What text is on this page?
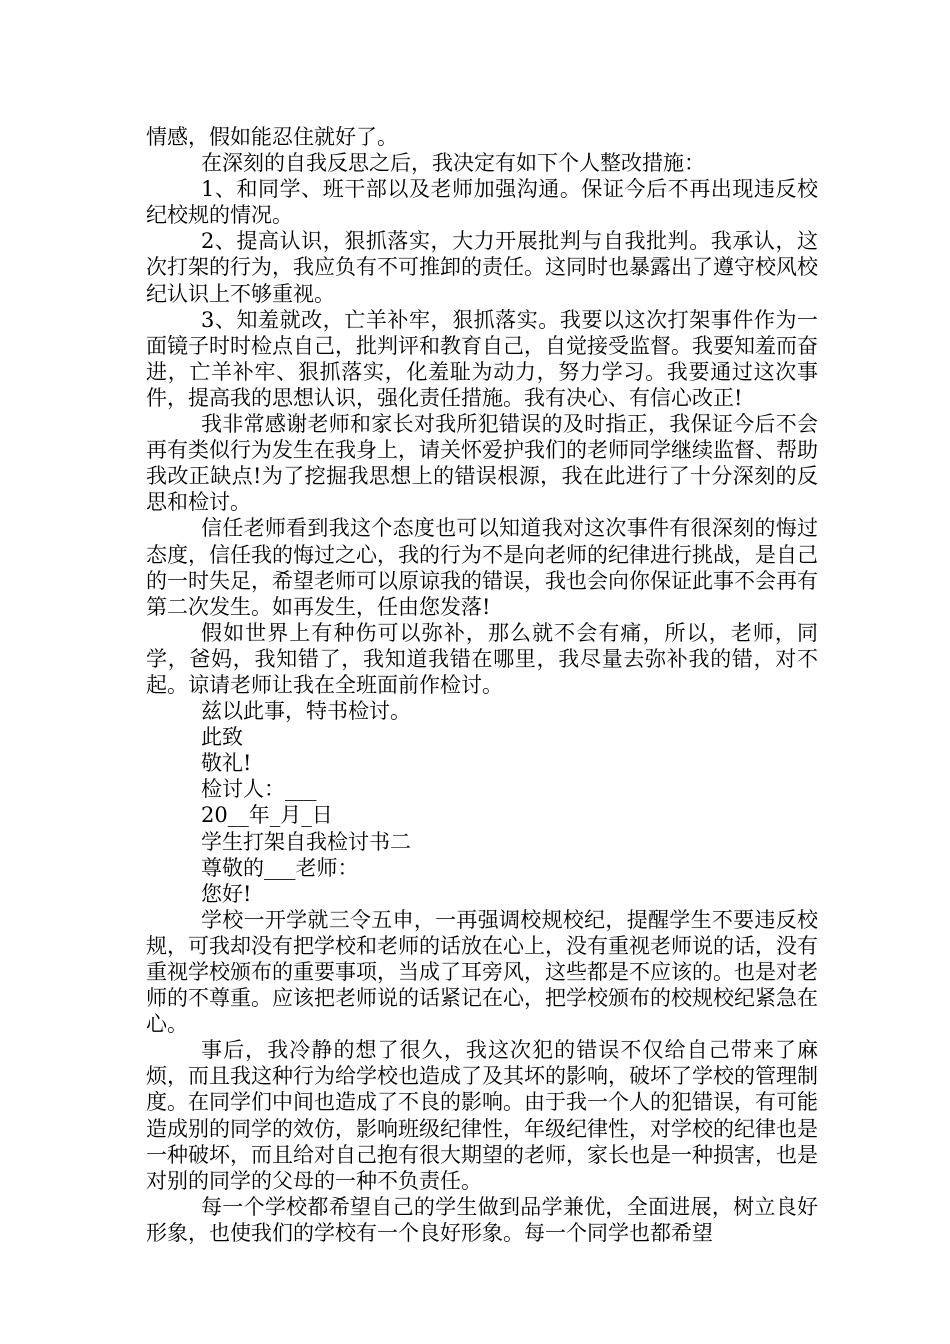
情感，假如能忍住就好了。

在深刻的自我反思之后，我决定有如下个人整改措施：

1、和同学、班干部以及老师加强沟通。保证今后不再出现违反校纪校规的情况。

2、提高认识，狠抓落实，大力开展批判与自我批判。我承认，这次打架的行为，我应负有不可推卸的责任。这同时也暴露出了遵守校风校纪认识上不够重视。

3、知羞就改，亡羊补牢，狠抓落实。我要以这次打架事件作为一面镜子时时检点自己，批判评和教育自己，自觉接受监督。我要知羞而奋进，亡羊补牢、狠抓落实，化羞耻为动力，努力学习。我要通过这次事件，提高我的思想认识，强化责任措施。我有决心、有信心改正!

我非常感谢老师和家长对我所犯错误的及时指正，我保证今后不会再有类似行为发生在我身上，请关怀爱护我们的老师同学继续监督、帮助我改正缺点!为了挖掘我思想上的错误根源，我在此进行了十分深刻的反思和检讨。

信任老师看到我这个态度也可以知道我对这次事件有很深刻的悔过态度，信任我的悔过之心，我的行为不是向老师的纪律进行挑战，是自己的一时失足，希望老师可以原谅我的错误，我也会向你保证此事不会再有第二次发生。如再发生，任由您发落!

假如世界上有种伤可以弥补，那么就不会有痛，所以，老师，同学，爸妈，我知错了，我知道我错在哪里，我尽量去弥补我的错，对不起。谅请老师让我在全班面前作检讨。

兹以此事，特书检讨。

此致

敬礼!

检讨人：___

20__年_月_日

学生打架自我检讨书二

尊敬的___老师：

您好!

学校一开学就三令五申，一再强调校规校纪，提醒学生不要违反校规，可我却没有把学校和老师的话放在心上，没有重视老师说的话，没有重视学校颁布的重要事项，当成了耳旁风，这些都是不应该的。也是对老师的不尊重。应该把老师说的话紧记在心，把学校颁布的校规校纪紧急在心。

事后，我冷静的想了很久，我这次犯的错误不仅给自己带来了麻烦，而且我这种行为给学校也造成了及其坏的影响，破坏了学校的管理制度。在同学们中间也造成了不良的影响。由于我一个人的犯错误，有可能造成别的同学的效仿，影响班级纪律性，年级纪律性，对学校的纪律也是一种破坏，而且给对自己抱有很大期望的老师，家长也是一种损害，也是对别的同学的父母的一种不负责任。

每一个学校都希望自己的学生做到品学兼优，全面进展，树立良好形象，也使我们的学校有一个良好形象。每一个同学也都希望
